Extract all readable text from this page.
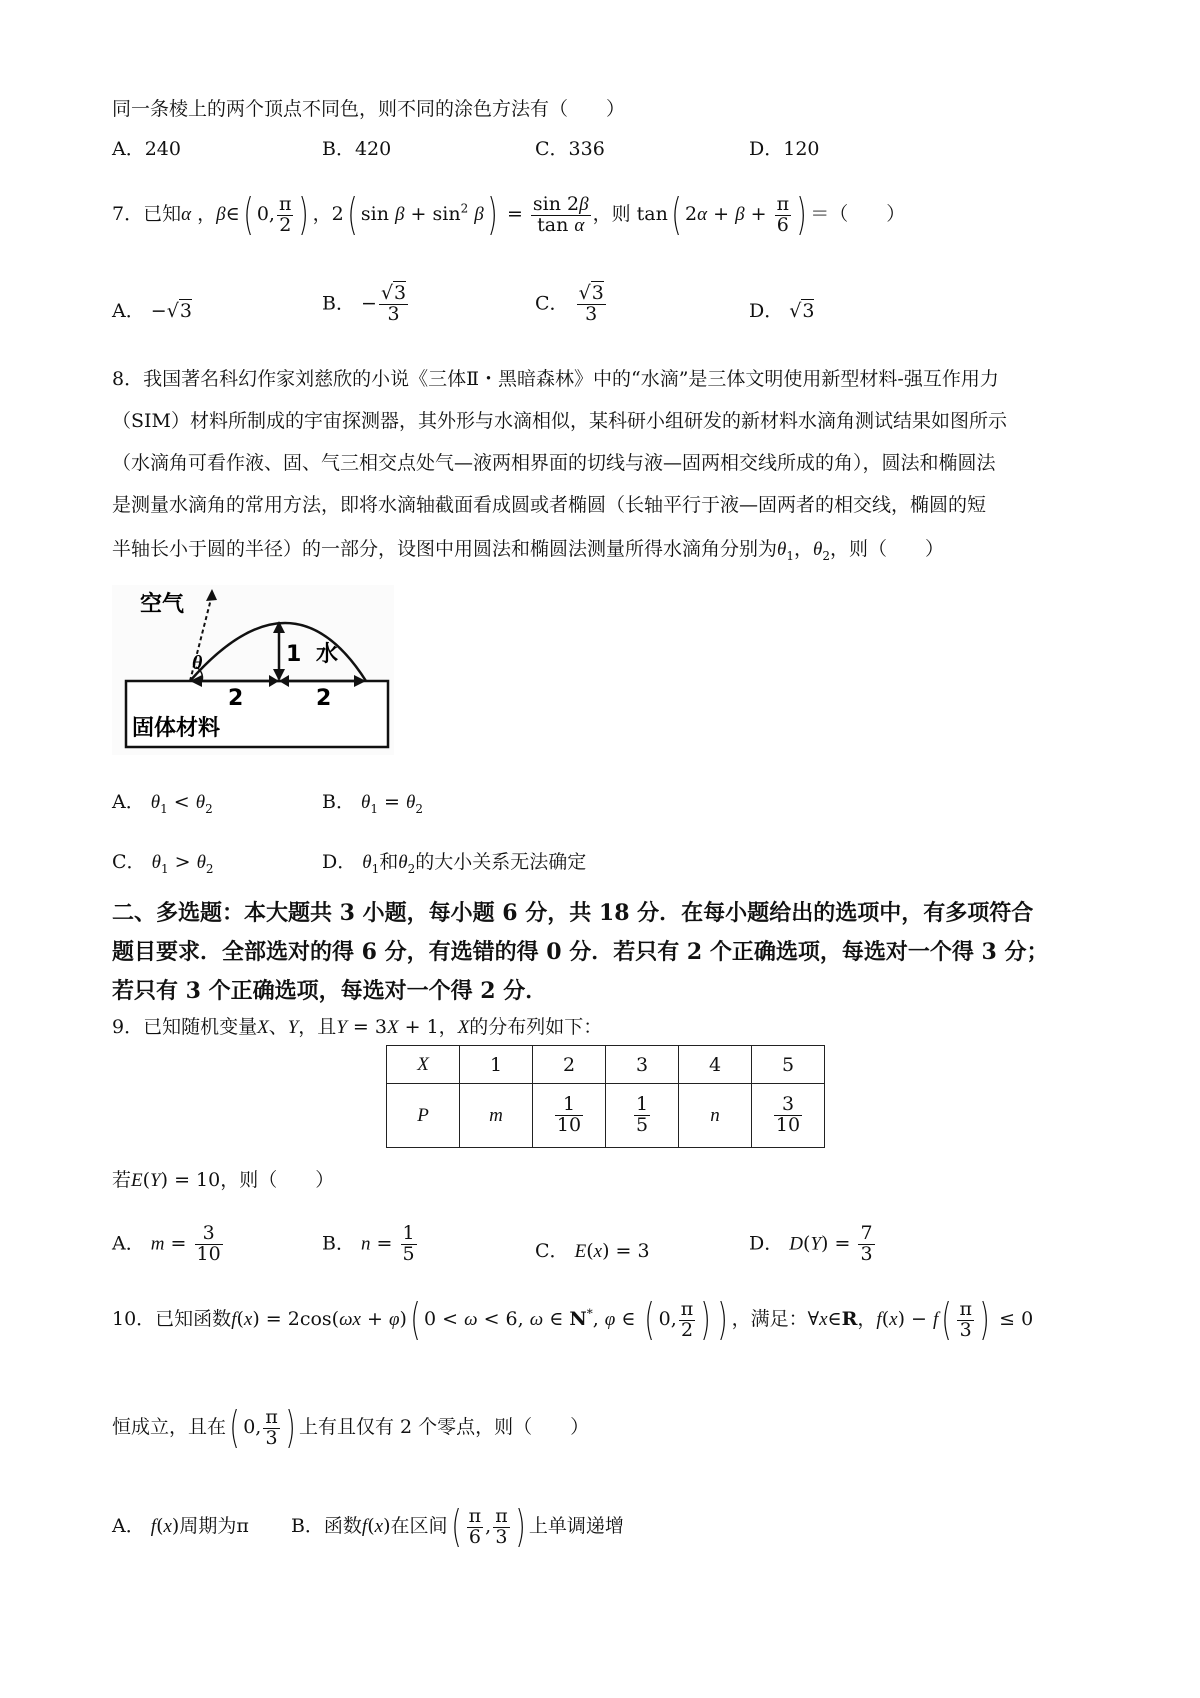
同一条棱上的两个顶点不同色，则不同的涂色方法有（　　）
A．240	B．420	C．336	D．120
7．已知α ，β∈( 0, $\frac{\pi}{2}$ ) ，2( $\sin \beta + \sin^2 \beta) = \frac{\sin 2\beta}{\text{tan α}}$ ，则 tan( $2\alpha + \beta + \frac{\pi}{6}$ ) ＝（　　）
A． −√3	B． − $\frac{√3}{3}$	C． $\frac{√3}{3}$	D． √3
8．我国著名科幻作家刘慈欣的小说《三体Ⅱ・黑暗森林》中的“水滴”是三体文明使用新型材料-强互作用力
（SIM）材料所制成的宇宙探测器，其外形与水滴相似，某科研小组研发的新材料水滴角测试结果如图所示
（水滴角可看作液、固、气三相交点处气—液两相界面的切线与液—固两相交线所成的角），圆法和椭圆法
是测量水滴角的常用方法，即将水滴轴截面看成圆或者椭圆（长轴平行于液—固两者的相交线，椭圆的短
半轴长小于圆的半径）的一部分，设图中用圆法和椭圆法测量所得水滴角分别为$\theta_1$，$\theta_2$，则（　　）
空气
水
θ	1
2	2
固体材料
A． $\theta_1 < \theta_2$	B． $\theta_1 = \theta_2$
C． $\theta_1 > \theta_2$	D． $\theta_1$和$\theta_2$的大小关系无法确定
二、多选题：本大题共 3 小题，每小题 6 分，共 18 分．在每小题给出的选项中，有多项符合
题目要求．全部选对的得 6 分，有选错的得 0 分．若只有 2 个正确选项，每选对一个得 3 分；
若只有 3 个正确选项，每选对一个得 2 分．
9．已知随机变量X、Y，且Y = 3X + 1，X的分布列如下：
X	1	2	3	4	5
P	m	$\frac{1}{10}$	$\frac{1}{5}$	n	$\frac{3}{10}$
若E(Y) = 10，则（　　）
A． $m = \frac{3}{10}$	B． $n = \frac{1}{5}$	C． E(x) = 3	D． $D(Y) = \frac{7}{3}$
10．已知函数f(x) = 2cos(ωx + φ)( 0 < ω < 6, ω ∈ N*, φ ∈ ( 0, $\frac{\pi}{2}$ ) ) ，满足：∀x∈R，$f(x) - f( \frac{\pi}{3}$ ) ≤ 0
恒成立，且在( 0, $\frac{\pi}{3}$ ) 上有且仅有 2 个零点，则（　　）
A． f(x)周期为π B．函数f(x)在区间( $\frac{\pi}{6}$ , $\frac{\pi}{3}$ ) 上单调递增
